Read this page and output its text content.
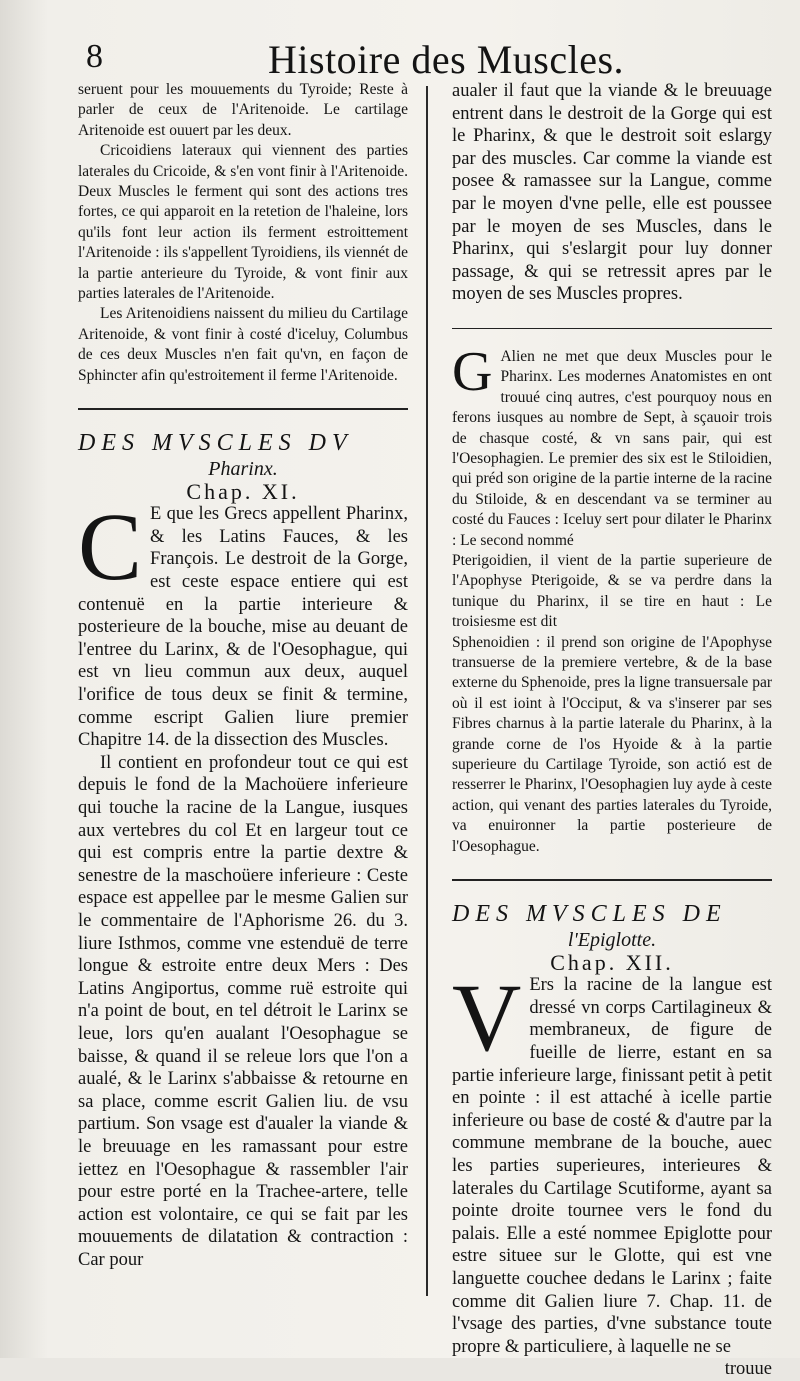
8	Histoire des Muscles.

seruent pour les mouuements du Tyroide; Reste à parler de ceux de l'Aritenoide. Le cartilage Aritenoide est ouuert par les deux.

Cricoidiens lateraux qui viennent des parties laterales du Cricoide, & s'en vont finir à l'Aritenoide. Deux Muscles le ferment qui sont des actions tres fortes, ce qui apparoit en la retetion de l'haleine, lors qu'ils font leur action ils ferment estroittement l'Aritenoide : ils s'appellent Tyroidiens, ils viennét de la partie anterieure du Tyroide, & vont finir aux parties laterales de l'Aritenoide.

Les Aritenoidiens naissent du milieu du Cartilage Aritenoide, & vont finir à costé d'iceluy, Columbus de ces deux Muscles n'en fait qu'vn, en façon de Sphincter afin qu'estroitement il ferme l'Aritenoide.

DES MVSCLES DV

Pharinx.

Chap. XI.

C E que les Grecs appellent Pharinx, & les Latins Fauces, & les François. Le destroit de la Gorge, est ceste espace entiere qui est contenuë en la partie interieure & posterieure de la bouche, mise au deuant de l'entree du Larinx, & de l'Oesophague, qui est vn lieu commun aux deux, auquel l'orifice de tous deux se finit & termine, comme escript Galien liure premier Chapitre 14. de la dissection des Muscles.

Il contient en profondeur tout ce qui est depuis le fond de la Machoüere inferieure qui touche la racine de la Langue, iusques aux vertebres du col Et en largeur tout ce qui est compris entre la partie dextre & senestre de la maschoüere inferieure : Ceste espace est appellee par le mesme Galien sur le commentaire de l'Aphorisme 26. du 3. liure Isthmos, comme vne estenduë de terre longue & estroite entre deux Mers : Des Latins Angiportus, comme ruë estroite qui n'a point de bout, en tel détroit le Larinx se leue, lors qu'en aualant l'Oesophague se baisse, & quand il se releue lors que l'on a aualé, & le Larinx s'abbaisse & retourne en sa place, comme escrit Galien liu. de vsu partium. Son vsage est d'aualer la viande & le breuuage en les ramassant pour estre iettez en l'Oesophague & rassembler l'air pour estre porté en la Trachee-artere, telle action est volontaire, ce qui se fait par les mouuements de dilatation & contraction : Car pour

aualer il faut que la viande & le breuuage entrent dans le destroit de la Gorge qui est le Pharinx, & que le destroit soit eslargy par des muscles. Car comme la viande est posee & ramassee sur la Langue, comme par le moyen d'vne pelle, elle est poussee par le moyen de ses Muscles, dans le Pharinx, qui s'eslargit pour luy donner passage, & qui se retressit apres par le moyen de ses Muscles propres.

G Alien ne met que deux Muscles pour le Pharinx. Les modernes Anatomistes en ont trouué cinq autres, c'est pourquoy nous en ferons iusques au nombre de Sept, à sçauoir trois de chasque costé, & vn sans pair, qui est l'Oesophagien. Le premier des six est le Stiloidien, qui préd son origine de la partie interne de la racine du Stiloide, & en descendant va se terminer au costé du Fauces : Iceluy sert pour dilater le Pharinx : Le second nommé

Pterigoidien, il vient de la partie superieure de l'Apophyse Pterigoide, & se va perdre dans la tunique du Pharinx, il se tire en haut : Le troisiesme est dit

Sphenoidien : il prend son origine de l'Apophyse transuerse de la premiere vertebre, & de la base externe du Sphenoide, pres la ligne transuersale par où il est ioint à l'Occiput, & va s'inserer par ses Fibres charnus à la partie laterale du Pharinx, à la grande corne de l'os Hyoide & à la partie superieure du Cartilage Tyroide, son actió est de resserrer le Pharinx, l'Oesophagien luy ayde à ceste action, qui venant des parties laterales du Tyroide, va enuironner la partie posterieure de l'Oesophague.

DES MVSCLES DE

l'Epiglotte.

Chap. XII.

V Ers la racine de la langue est dressé vn corps Cartilagineux & membraneux, de figure de fueille de lierre, estant en sa partie inferieure large, finissant petit à petit en pointe : il est attaché à icelle partie inferieure ou base de costé & d'autre par la commune membrane de la bouche, auec les parties superieures, interieures & laterales du Cartilage Scutiforme, ayant sa pointe droite tournee vers le fond du palais. Elle a esté nommee Epiglotte pour estre situee sur le Glotte, qui est vne languette couchee dedans le Larinx ; faite comme dit Galien liure 7. Chap. 11. de l'vsage des parties, d'vne substance toute propre & particuliere, à laquelle ne se

trouue
